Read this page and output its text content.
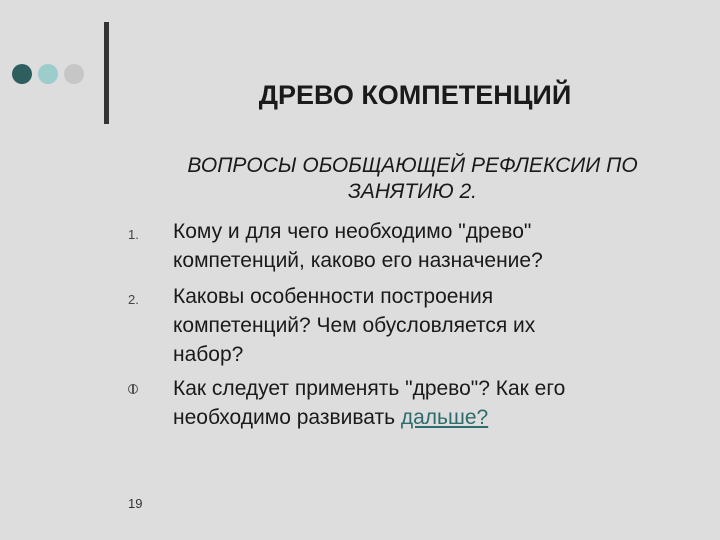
ДРЕВО КОМПЕТЕНЦИЙ
ВОПРОСЫ ОБОБЩАЮЩЕЙ РЕФЛЕКСИИ ПО
ЗАНЯТИЮ 2.
1. Кому и для чего необходимо "древо"
компетенций, каково его назначение?
2. Каковы особенности построения
компетенций? Чем обусловляется их
набор?
Как следует применять "древо"? Как его
необходимо развивать дальше?
19
